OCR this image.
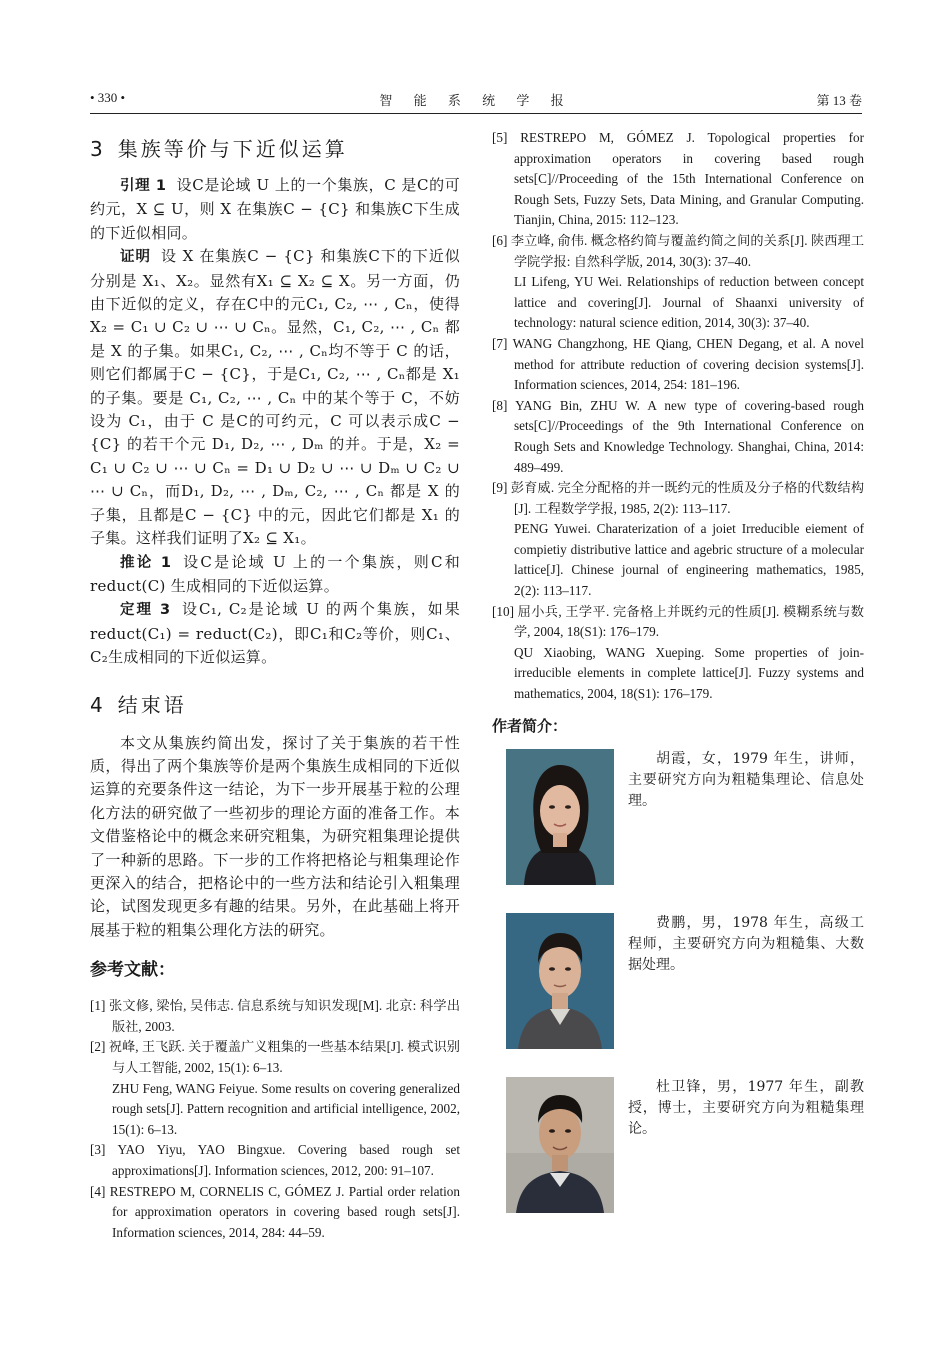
• 330 •	智 能 系 统 学 报	第 13 卷
3 集族等价与下近似运算

引理 1 设C是论域 U 上的一个集族，C 是C的可约元，X ⊆ U，则 X 在集族C − {C} 和集族C下生成的下近似相同。

证明 设 X 在集族C − {C} 和集族C下的下近似分别是 X₁、X₂。显然有X₁ ⊆ X₂ ⊆ X。另一方面，仍由下近似的定义，存在C中的元C₁, C₂, ⋯ , Cₙ，使得 X₂ = C₁ ∪ C₂ ∪ ⋯ ∪ Cₙ。显然，C₁, C₂, ⋯ , Cₙ 都是 X 的子集。如果C₁, C₂, ⋯ , Cₙ均不等于 C 的话，则它们都属于C − {C}，于是C₁, C₂, ⋯ , Cₙ都是 X₁ 的子集。要是 C₁, C₂, ⋯ , Cₙ 中的某个等于 C，不妨设为 C₁，由于 C 是C的可约元，C 可以表示成C − {C} 的若干个元 D₁, D₂, ⋯ , Dₘ 的并。于是，X₂ = C₁ ∪ C₂ ∪ ⋯ ∪ Cₙ = D₁ ∪ D₂ ∪ ⋯ ∪ Dₘ ∪ C₂ ∪ ⋯ ∪ Cₙ，而D₁, D₂, ⋯ , Dₘ, C₂, ⋯ , Cₙ 都是 X 的子集，且都是C − {C} 中的元，因此它们都是 X₁ 的子集。这样我们证明了X₂ ⊆ X₁。

推论 1 设C是论域 U 上的一个集族，则C和 reduct(C) 生成相同的下近似运算。

定理 3 设C₁, C₂是论域 U 的两个集族，如果 reduct(C₁) = reduct(C₂)，即C₁和C₂等价，则C₁、C₂生成相同的下近似运算。

4 结束语

本文从集族约简出发，探讨了关于集族的若干性质，得出了两个集族等价是两个集族生成相同的下近似运算的充要条件这一结论，为下一步开展基于粒的公理化方法的研究做了一些初步的理论方面的准备工作。本文借鉴格论中的概念来研究粗集，为研究粗集理论提供了一种新的思路。下一步的工作将把格论与粗集理论作更深入的结合，把格论中的一些方法和结论引入粗集理论，试图发现更多有趣的结果。另外，在此基础上将开展基于粒的粗集公理化方法的研究。

参考文献：
[1] 张文修, 梁怡, 吴伟志. 信息系统与知识发现[M]. 北京: 科学出版社, 2003.
[2] 祝峰, 王飞跃. 关于覆盖广义粗集的一些基本结果[J]. 模式识别与人工智能, 2002, 15(1): 6–13.
ZHU Feng, WANG Feiyue. Some results on covering generalized rough sets[J]. Pattern recognition and artificial intelligence, 2002, 15(1): 6–13.
[3] YAO Yiyu, YAO Bingxue. Covering based rough set approximations[J]. Information sciences, 2012, 200: 91–107.
[4] RESTREPO M, CORNELIS C, GÓMEZ J. Partial order relation for approximation operators in covering based rough sets[J]. Information sciences, 2014, 284: 44–59.
[5] RESTREPO M, GÓMEZ J. Topological properties for approximation operators in covering based rough sets[C]//Proceeding of the 15th International Conference on Rough Sets, Fuzzy Sets, Data Mining, and Granular Computing. Tianjin, China, 2015: 112–123.
[6] 李立峰, 俞伟. 概念格约简与覆盖约简之间的关系[J]. 陕西理工学院学报: 自然科学版, 2014, 30(3): 37–40.
LI Lifeng, YU Wei. Relationships of reduction between concept lattice and covering[J]. Journal of Shaanxi university of technology: natural science edition, 2014, 30(3): 37–40.
[7] WANG Changzhong, HE Qiang, CHEN Degang, et al. A novel method for attribute reduction of covering decision systems[J]. Information sciences, 2014, 254: 181–196.
[8] YANG Bin, ZHU W. A new type of covering-based rough sets[C]//Proceedings of the 9th International Conference on Rough Sets and Knowledge Technology. Shanghai, China, 2014: 489–499.
[9] 彭育威. 完全分配格的并一既约元的性质及分子格的代数结构[J]. 工程数学学报, 1985, 2(2): 113–117.
PENG Yuwei. Charaterization of a joiet Irreducible eiement of compietiy distributive lattice and agebric structure of a molecular lattice[J]. Chinese journal of engineering mathematics, 1985, 2(2): 113–117.
[10] 屈小兵, 王学平. 完备格上并既约元的性质[J]. 模糊系统与数学, 2004, 18(S1): 176–179.
QU Xiaobing, WANG Xueping. Some properties of join-irreducible elements in complete lattice[J]. Fuzzy systems and mathematics, 2004, 18(S1): 176–179.
作者简介：
胡霞，女，1979 年生，讲师，主要研究方向为粗糙集理论、信息处理。
费鹏，男，1978 年生，高级工程师，主要研究方向为粗糙集、大数据处理。
杜卫锋，男，1977 年生，副教授，博士，主要研究方向为粗糙集理论。
